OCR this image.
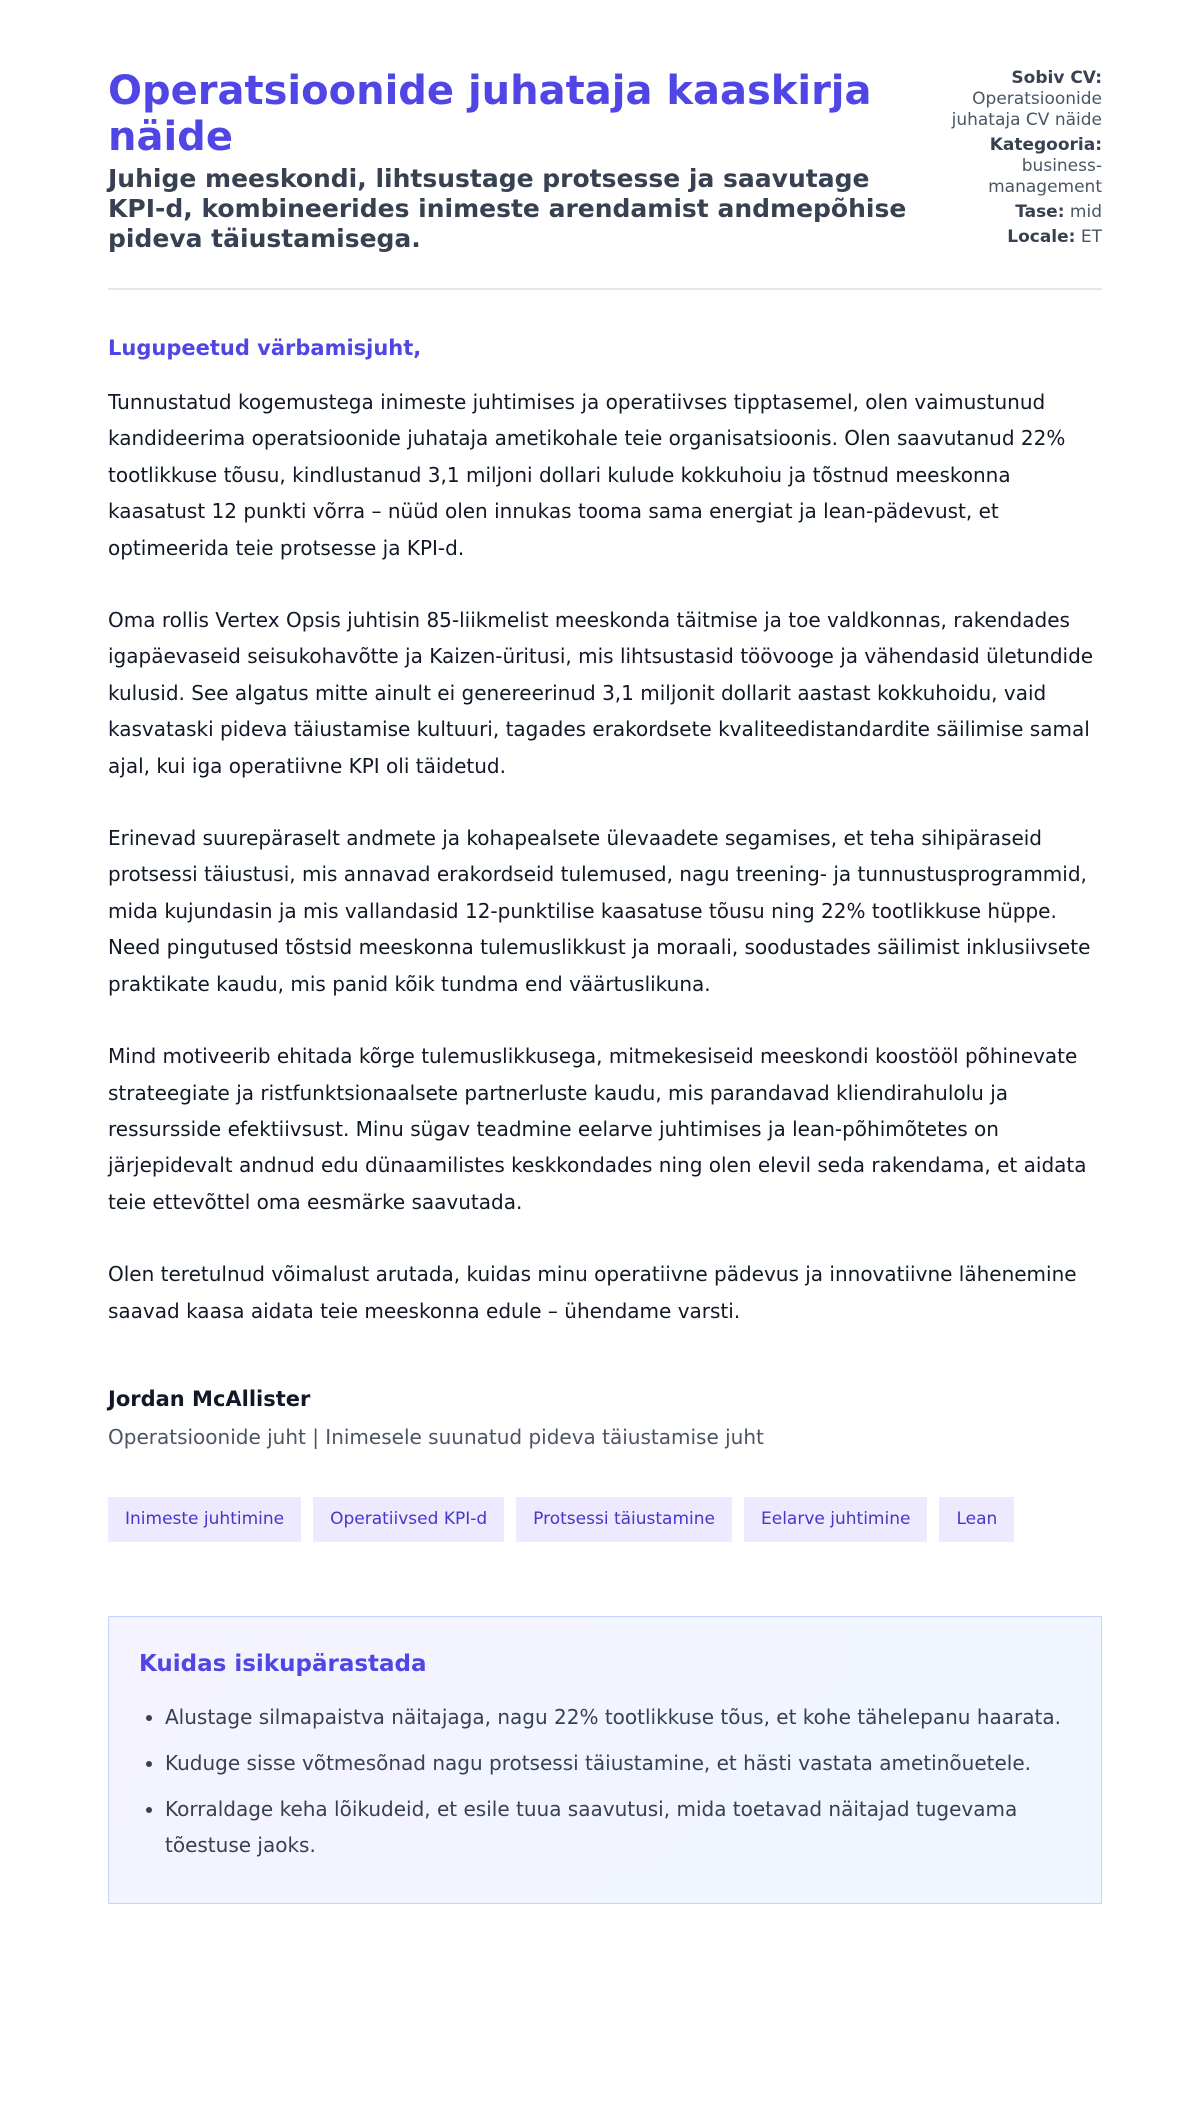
Operatsioonide juhataja kaaskirja näide
Juhige meeskondi, lihtsustage protsesse ja saavutage KPI-d, kombineerides inimeste arendamist andmepõhise pideva täiustamisega.
Sobiv CV:
Operatsioonide juhataja CV näide
Kategooria:
business-management
Tase: mid
Locale: ET
Lugupeetud värbamisjuht,

Tunnustatud kogemustega inimeste juhtimises ja operatiivses tipptasemel, olen vaimustunud kandideerima operatsioonide juhataja ametikohale teie organisatsioonis. Olen saavutanud 22% tootlikkuse tõusu, kindlustanud 3,1 miljoni dollari kulude kokkuhoiu ja tõstnud meeskonna kaasatust 12 punkti võrra – nüüd olen innukas tooma sama energiat ja lean-pädevust, et optimeerida teie protsesse ja KPI-d.

Oma rollis Vertex Opsis juhtisin 85-liikmelist meeskonda täitmise ja toe valdkonnas, rakendades igapäevaseid seisukohavõtte ja Kaizen-üritusi, mis lihtsustasid töövooge ja vähendasid ületundide kulusid. See algatus mitte ainult ei genereerinud 3,1 miljonit dollarit aastast kokkuhoidu, vaid kasvataski pideva täiustamise kultuuri, tagades erakordsete kvaliteedistandardite säilimise samal ajal, kui iga operatiivne KPI oli täidetud.

Erinevad suurepäraselt andmete ja kohapealsete ülevaadete segamises, et teha sihipäraseid protsessi täiustusi, mis annavad erakordseid tulemused, nagu treening- ja tunnustusprogrammid, mida kujundasin ja mis vallandasid 12-punktilise kaasatuse tõusu ning 22% tootlikkuse hüppe. Need pingutused tõstsid meeskonna tulemuslikkust ja moraali, soodustades säilimist inklusiivsete praktikate kaudu, mis panid kõik tundma end väärtuslikuna.

Mind motiveerib ehitada kõrge tulemuslikkusega, mitmekesiseid meeskondi koostööl põhinevate strateegiate ja ristfunktsionaalsete partnerluste kaudu, mis parandavad kliendirahulolu ja ressursside efektiivsust. Minu sügav teadmine eelarve juhtimises ja lean-põhimõtetes on järjepidevalt andnud edu dünaamilistes keskkondades ning olen elevil seda rakendama, et aidata teie ettevõttel oma eesmärke saavutada.

Olen teretulnud võimalust arutada, kuidas minu operatiivne pädevus ja innovatiivne lähenemine saavad kaasa aidata teie meeskonna edule – ühendame varsti.

Jordan McAllister
Operatsioonide juht | Inimesele suunatud pideva täiustamise juht
Inimeste juhtimine	Operatiivsed KPI-d	Protsessi täiustamine	Eelarve juhtimine	Lean
Kuidas isikupärastada
• Alustage silmapaistva näitajaga, nagu 22% tootlikkuse tõus, et kohe tähelepanu haarata.
• Kuduge sisse võtmesõnad nagu protsessi täiustamine, et hästi vastata ametinõuetele.
• Korraldage keha lõikudeid, et esile tuua saavutusi, mida toetavad näitajad tugevama tõestuse jaoks.
